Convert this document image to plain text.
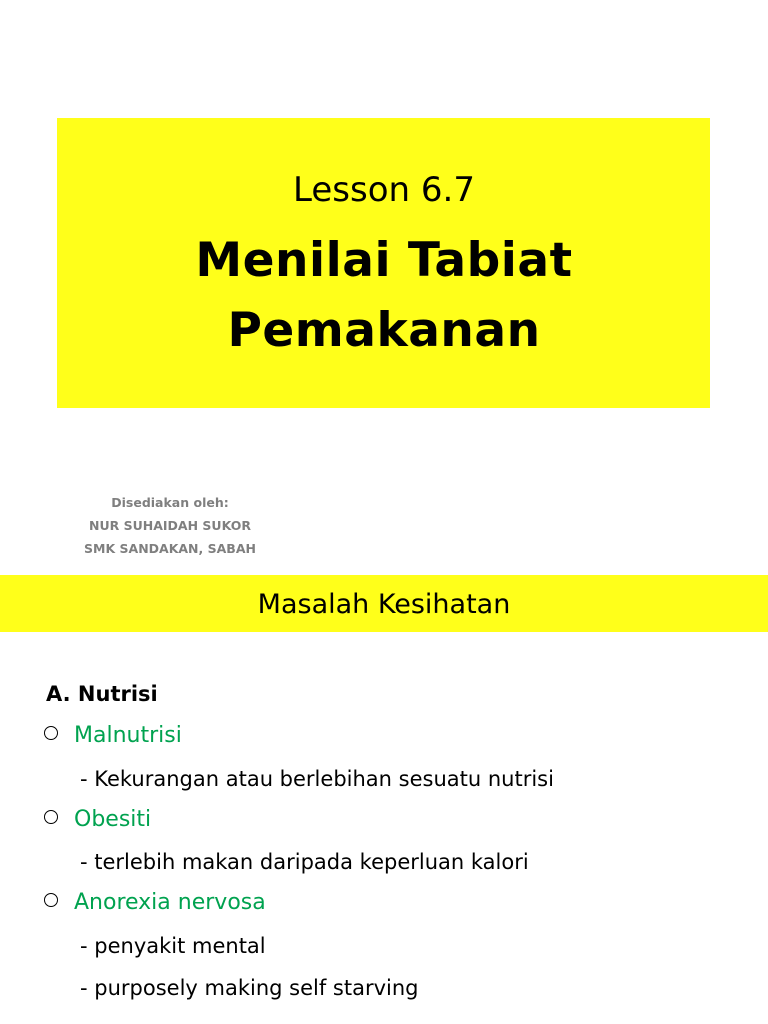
Lesson 6.7
Menilai Tabiat
Pemakanan
Disediakan oleh:
NUR SUHAIDAH SUKOR
SMK SANDAKAN, SABAH
Masalah Kesihatan
A. Nutrisi
Malnutrisi
- Kekurangan atau berlebihan sesuatu nutrisi
Obesiti
- terlebih makan daripada keperluan kalori
Anorexia nervosa
- penyakit mental
- purposely making self starving
